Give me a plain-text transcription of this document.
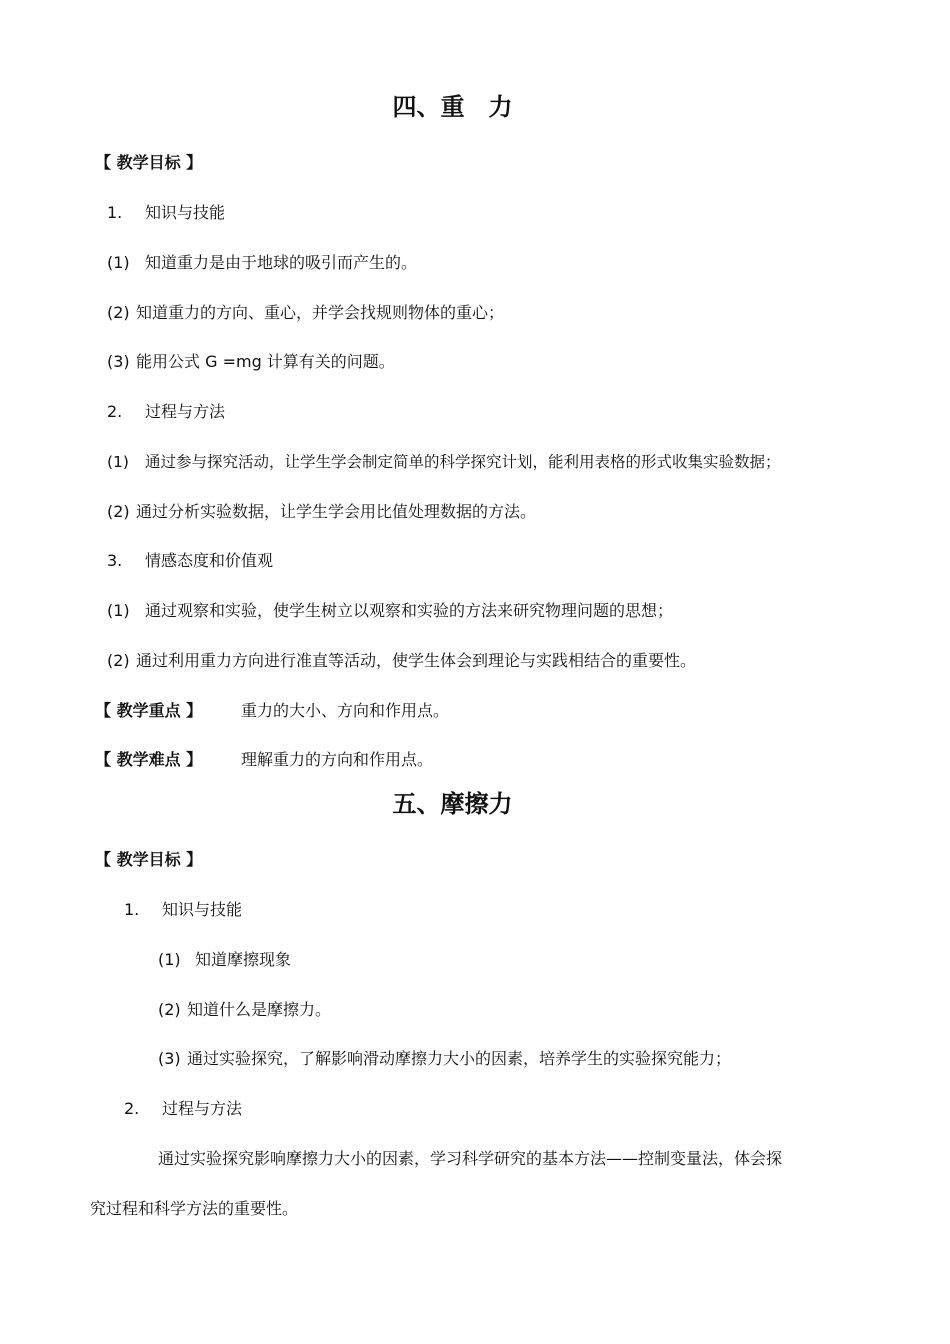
四、重　力
【 教学目标 】
1. 知识与技能
(1) 知道重力是由于地球的吸引而产生的。
(2) 知道重力的方向、重心，并学会找规则物体的重心；
(3) 能用公式 G =mg 计算有关的问题。
2. 过程与方法
(1) 通过参与探究活动，让学生学会制定简单的科学探究计划，能利用表格的形式收集实验数据；
(2) 通过分析实验数据，让学生学会用比值处理数据的方法。
3. 情感态度和价值观
(1) 通过观察和实验，使学生树立以观察和实验的方法来研究物理问题的思想；
(2) 通过利用重力方向进行准直等活动，使学生体会到理论与实践相结合的重要性。
【 教学重点 】 重力的大小、方向和作用点。
【 教学难点 】 理解重力的方向和作用点。
五、摩擦力
【 教学目标 】
1. 知识与技能
(1) 知道摩擦现象
(2) 知道什么是摩擦力。
(3) 通过实验探究，了解影响滑动摩擦力大小的因素，培养学生的实验探究能力；
2. 过程与方法
通过实验探究影响摩擦力大小的因素，学习科学研究的基本方法——控制变量法，体会探
究过程和科学方法的重要性。
